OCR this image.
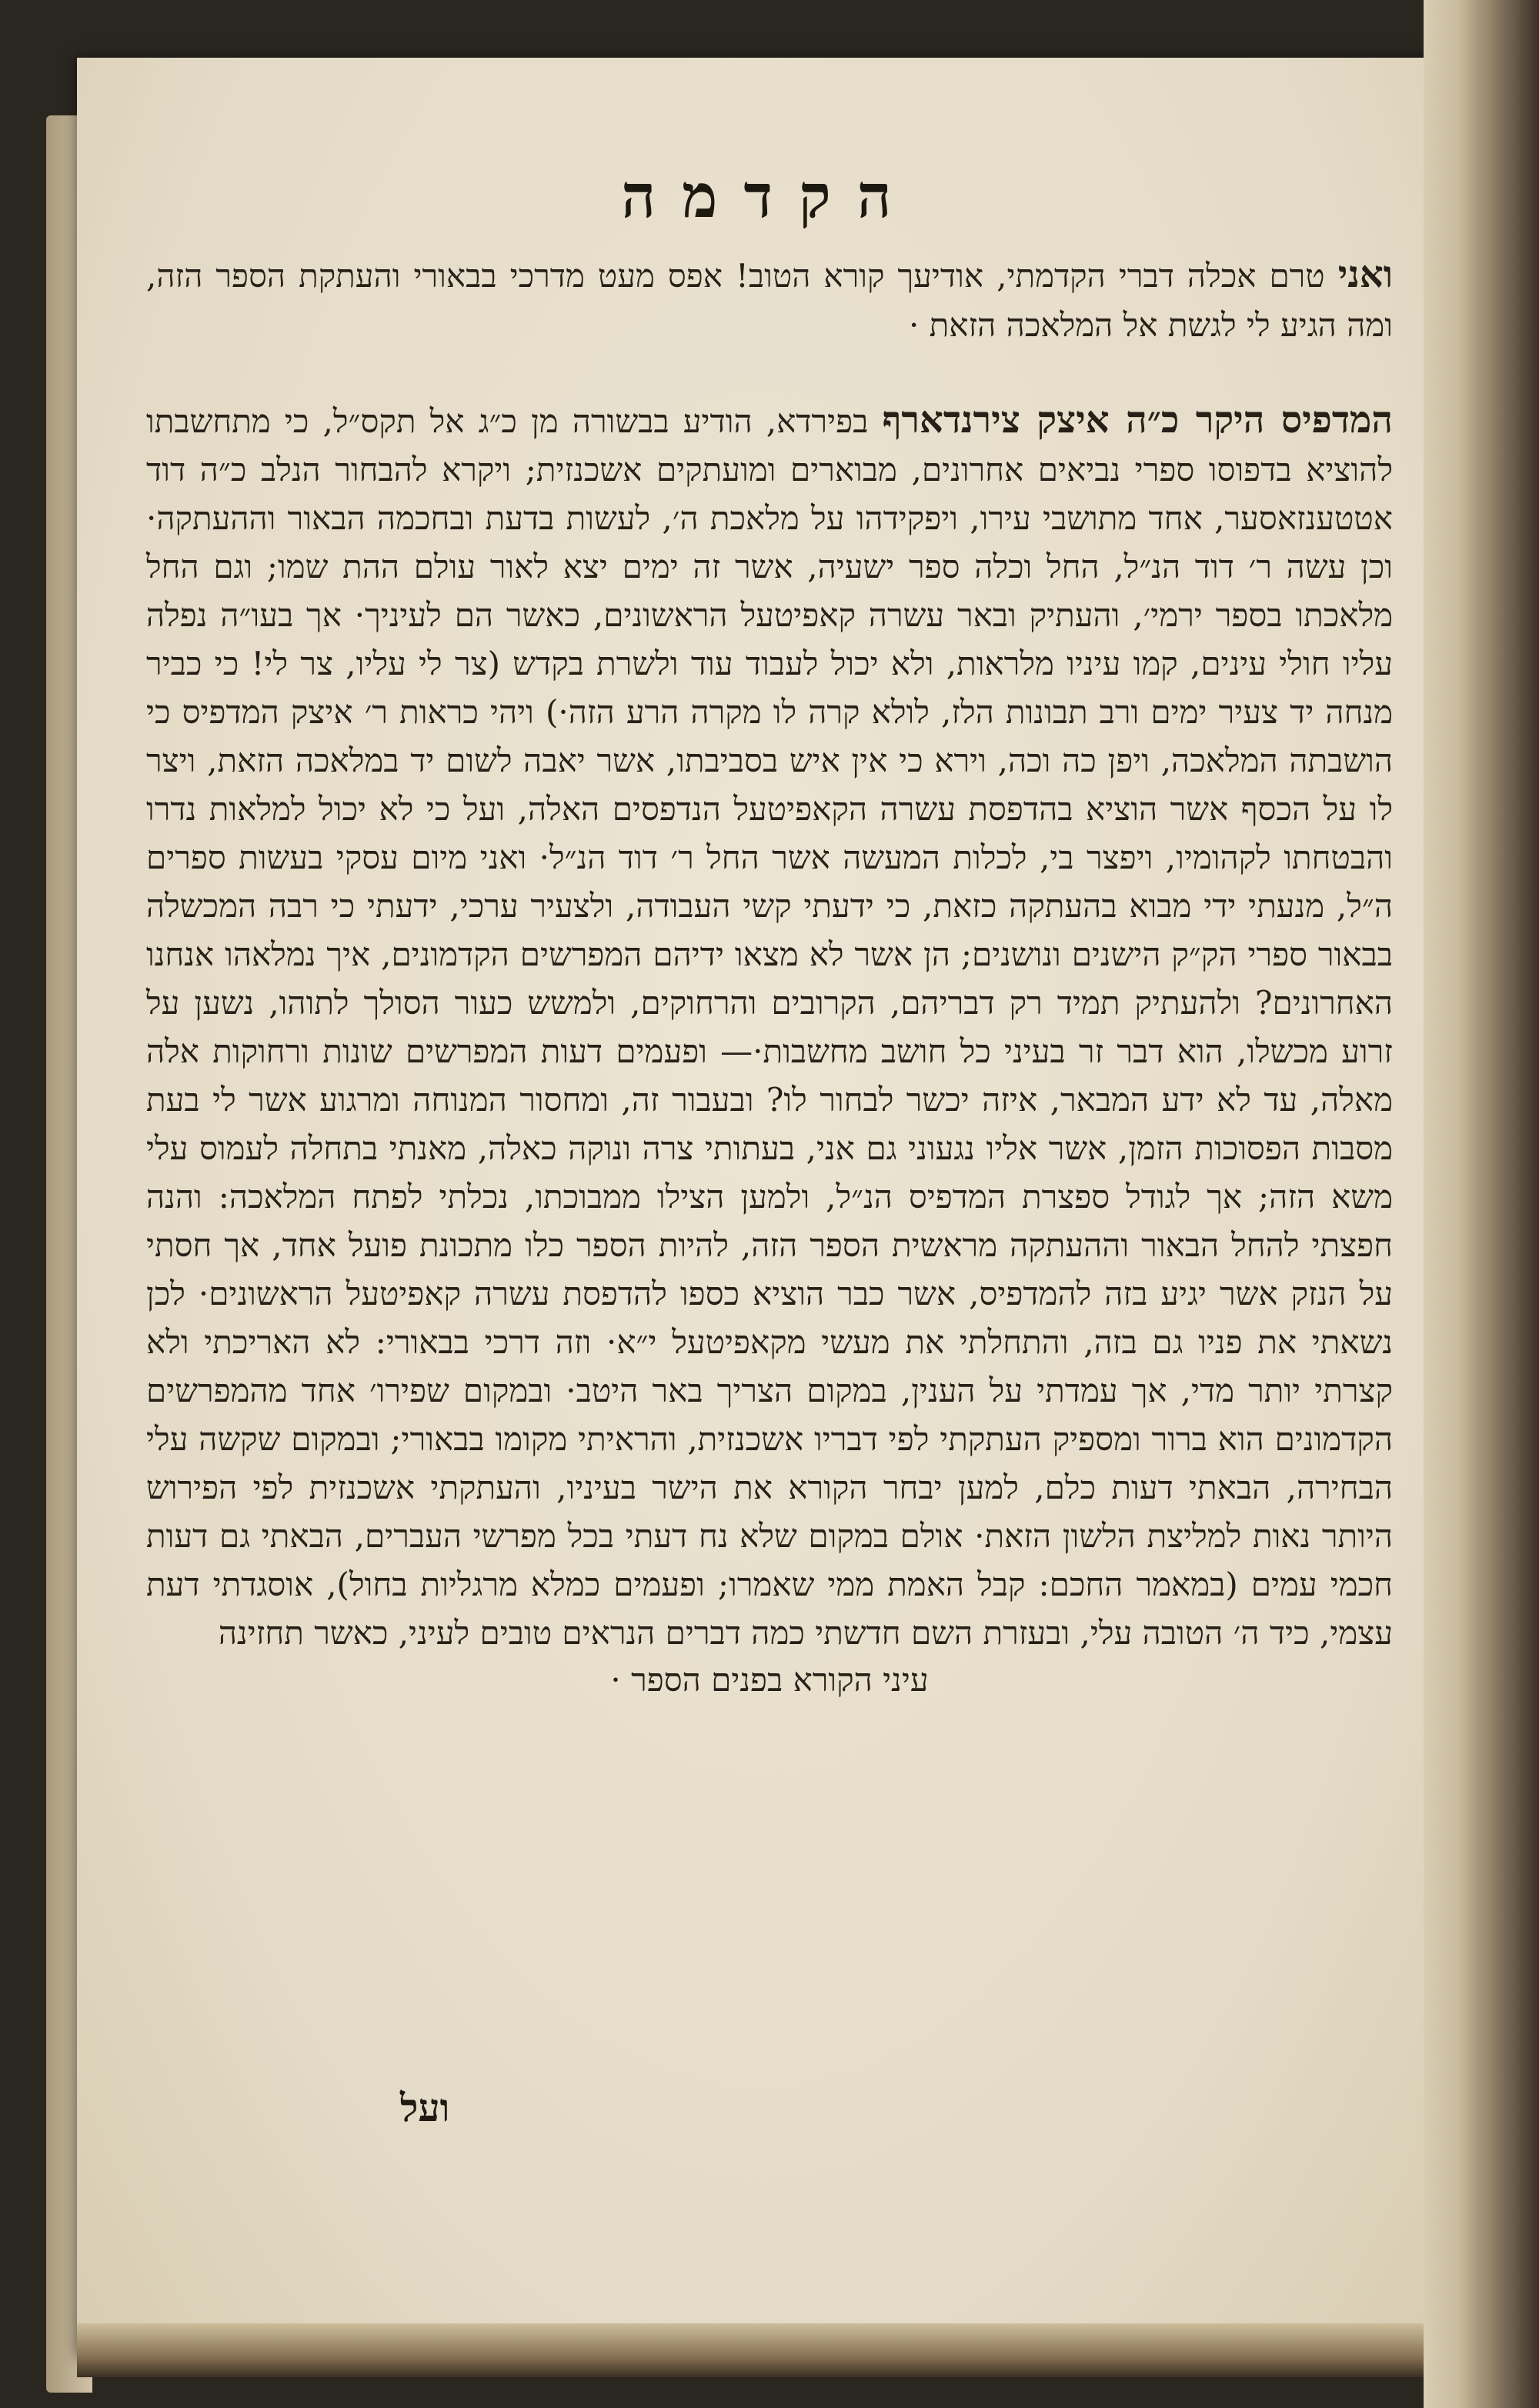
הקדמה

ואני טרם אכלה דברי הקדמתי, אודיעך קורא הטוב! אפס מעט מדרכי בבאורי והעתקת הספר הזה, ומה הגיע לי לגשת אל המלאכה הזאת ·

המדפיס היקר כ״ה איצק צירנדארף בפירדא, הודיע בבשורה מן כ״ג אל תקס״ל, כי מתחשבתו להוציא בדפוסו ספרי נביאים אחרונים, מבוארים ומועתקים אשכנזית; ויקרא להבחור הנלב כ״ה דוד אטטענזאסער, אחד מתושבי עירו, ויפקידהו על מלאכת ה׳, לעשות בדעת ובחכמה הבאור וההעתקה· וכן עשה ר׳ דוד הנ״ל, החל וכלה ספר ישעיה, אשר זה ימים יצא לאור עולם ההת שמו; וגם החל מלאכתו בספר ירמי׳, והעתיק ובאר עשרה קאפיטעל הראשונים, כאשר הם לעיניך· אך בעו״ה נפלה עליו חולי עינים, קמו עיניו מלראות, ולא יכול לעבוד עוד ולשרת בקדש (צר לי עליו, צר לי! כי כביר מנחה יד צעיר ימים ורב תבונות הלז, לולא קרה לו מקרה הרע הזה·) ויהי כראות ר׳ איצק המדפיס כי הושבתה המלאכה, ויפן כה וכה, וירא כי אין איש בסביבתו, אשר יאבה לשום יד במלאכה הזאת, ויצר לו על הכסף אשר הוציא בהדפסת עשרה הקאפיטעל הנדפסים האלה, ועל כי לא יכול למלאות נדרו והבטחתו לקהומיו, ויפצר בי, לכלות המעשה אשר החל ר׳ דוד הנ״ל· ואני מיום עסקי בעשות ספרים ה״ל, מנעתי ידי מבוא בהעתקה כזאת, כי ידעתי קשי העבודה, ולצעיר ערכי, ידעתי כי רבה המכשלה בבאור ספרי הק״ק הישנים ונושנים; הן אשר לא מצאו ידיהם המפרשים הקדמונים, איך נמלאהו אנחנו האחרונים? ולהעתיק תמיד רק דבריהם, הקרובים והרחוקים, ולמשש כעור הסולך לתוהו, נשען על זרוע מכשלו, הוא דבר זר בעיני כל חושב מחשבות·— ופעמים דעות המפרשים שונות ורחוקות אלה מאלה, עד לא ידע המבאר, איזה יכשר לבחור לו? ובעבור זה, ומחסור המנוחה ומרגוע אשר לי בעת מסבות הפסוכות הזמן, אשר אליו נגעוני גם אני, בעתותי צרה ונוקה כאלה, מאנתי בתחלה לעמוס עלי משא הזה; אך לגודל ספצרת המדפיס הנ״ל, ולמען הצילו ממבוכתו, נכלתי לפתח המלאכה: והנה חפצתי להחל הבאור וההעתקה מראשית הספר הזה, להיות הספר כלו מתכונת פועל אחד, אך חסתי על הנזק אשר יגיע בזה להמדפיס, אשר כבר הוציא כספו להדפסת עשרה קאפיטעל הראשונים· לכן נשאתי את פניו גם בזה, והתחלתי את מעשי מקאפיטעל י״א· וזה דרכי בבאורי: לא האריכתי ולא קצרתי יותר מדי, אך עמדתי על הענין, במקום הצריך באר היטב· ובמקום שפירו׳ אחד מהמפרשים הקדמונים הוא ברור ומספיק העתקתי לפי דבריו אשכנזית, והראיתי מקומו בבאורי; ובמקום שקשה עלי הבחירה, הבאתי דעות כלם, למען יבחר הקורא את הישר בעיניו, והעתקתי אשכנזית לפי הפירוש היותר נאות למליצת הלשון הזאת· אולם במקום שלא נח דעתי בכל מפרשי העברים, הבאתי גם דעות חכמי עמים (במאמר החכם: קבל האמת ממי שאמרו; ופעמים כמלא מרגליות בחול), אוסגדתי דעת עצמי, כיד ה׳ הטובה עלי, ובעזרת השם חדשתי כמה דברים הנראים טובים לעיני, כאשר תחזינה

עיני הקורא בפנים הספר ·

ועל
